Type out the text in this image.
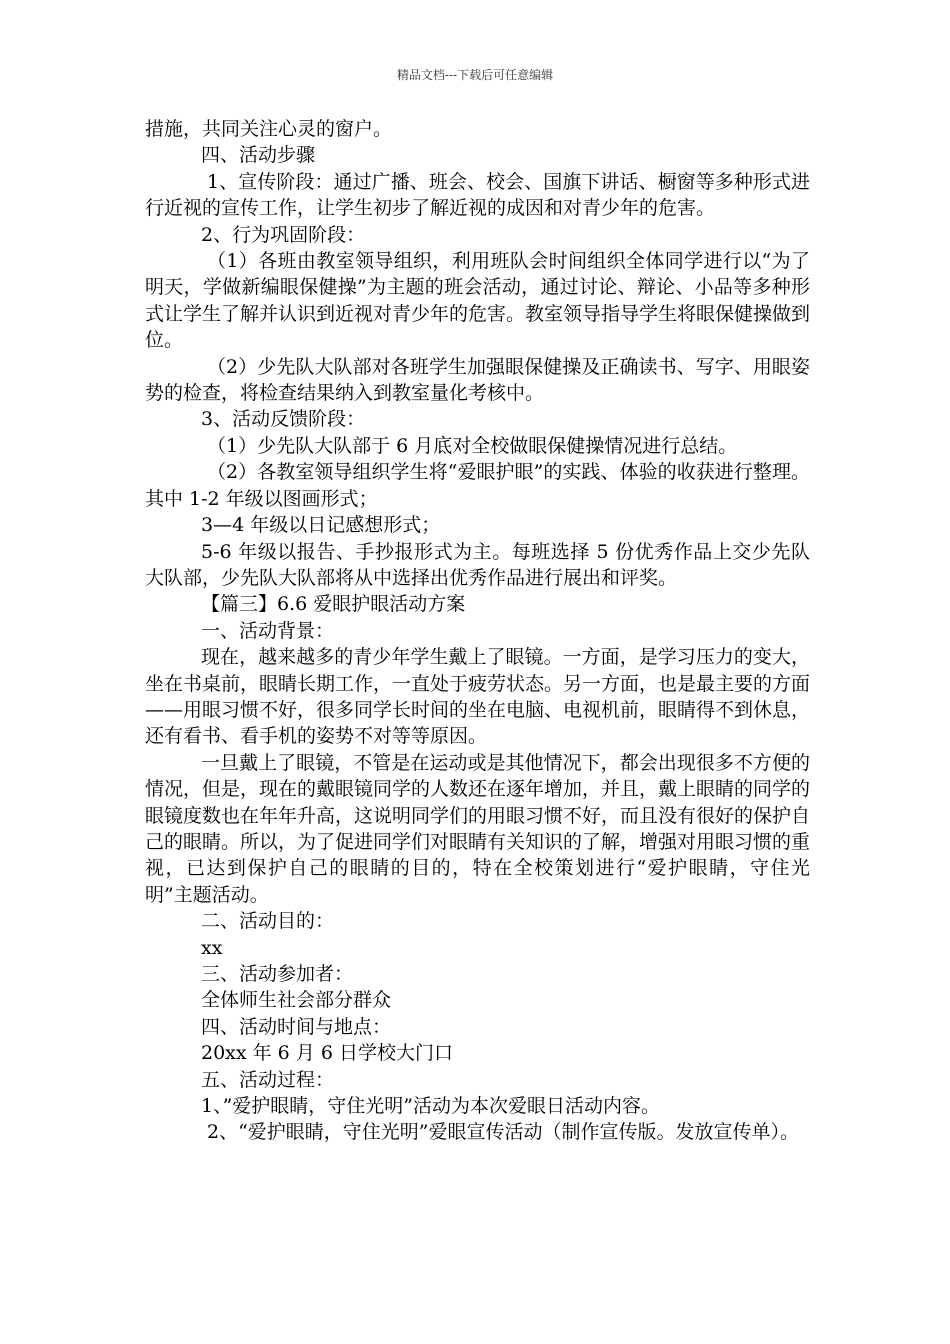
精品文档---下载后可任意编辑

措施，共同关注心灵的窗户。

四、活动步骤

1、宣传阶段：通过广播、班会、校会、国旗下讲话、橱窗等多种形式进行近视的宣传工作，让学生初步了解近视的成因和对青少年的危害。

2、行为巩固阶段：

（1）各班由教室领导组织，利用班队会时间组织全体同学进行以“为了明天，学做新编眼保健操”为主题的班会活动，通过讨论、辩论、小品等多种形式让学生了解并认识到近视对青少年的危害。教室领导指导学生将眼保健操做到位。

（2）少先队大队部对各班学生加强眼保健操及正确读书、写字、用眼姿势的检查，将检查结果纳入到教室量化考核中。

3、活动反馈阶段：

（1）少先队大队部于 6 月底对全校做眼保健操情况进行总结。

（2）各教室领导组织学生将“爱眼护眼”的实践、体验的收获进行整理。其中 1-2 年级以图画形式；

3—4 年级以日记感想形式；

5-6 年级以报告、手抄报形式为主。每班选择 5 份优秀作品上交少先队大队部，少先队大队部将从中选择出优秀作品进行展出和评奖。

【篇三】6.6 爱眼护眼活动方案

一、活动背景：

现在，越来越多的青少年学生戴上了眼镜。一方面，是学习压力的变大，坐在书桌前，眼睛长期工作，一直处于疲劳状态。另一方面，也是最主要的方面——用眼习惯不好，很多同学长时间的坐在电脑、电视机前，眼睛得不到休息，还有看书、看手机的姿势不对等等原因。

一旦戴上了眼镜，不管是在运动或是其他情况下，都会出现很多不方便的情况，但是，现在的戴眼镜同学的人数还在逐年增加，并且，戴上眼睛的同学的眼镜度数也在年年升高，这说明同学们的用眼习惯不好，而且没有很好的保护自己的眼睛。所以，为了促进同学们对眼睛有关知识的了解，增强对用眼习惯的重视，已达到保护自己的眼睛的目的，特在全校策划进行“爱护眼睛，守住光明”主题活动。

二、活动目的：

xx

三、活动参加者：

全体师生社会部分群众

四、活动时间与地点：

20xx 年 6 月 6 日学校大门口

五、活动过程：

1、”爱护眼睛，守住光明”活动为本次爱眼日活动内容。

2、“爱护眼睛，守住光明”爱眼宣传活动（制作宣传版。发放宣传单）。
